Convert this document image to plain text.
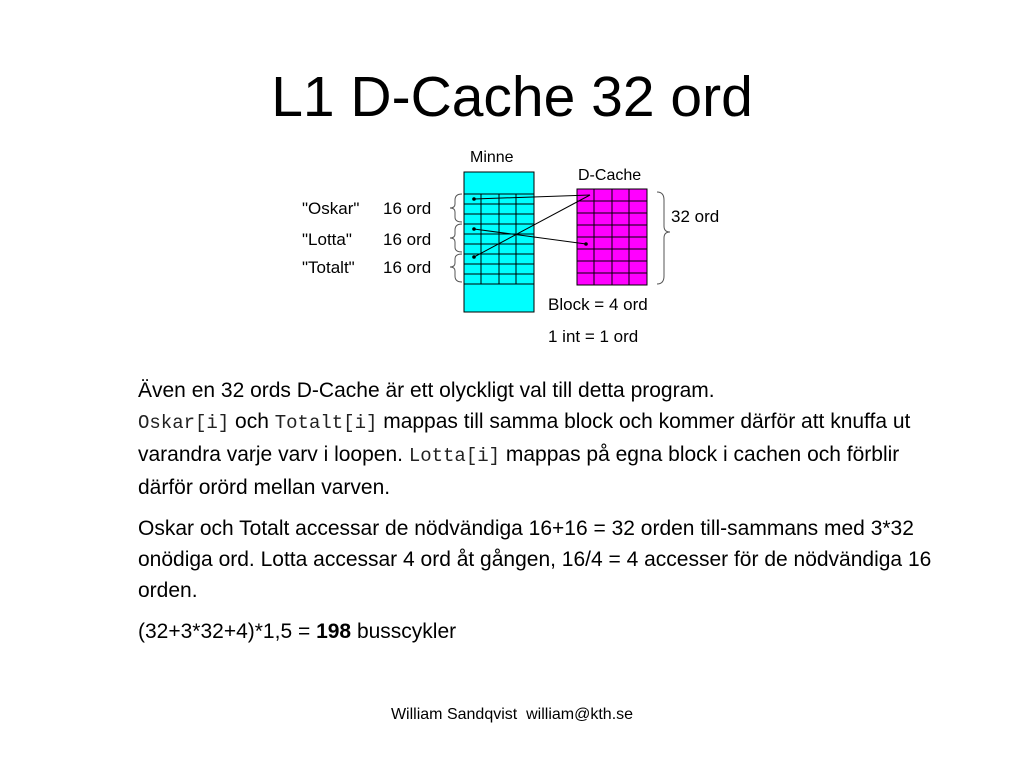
L1 D-Cache 32 ord
Minne
D-Cache
"Oskar" 16 ord
"Lotta" 16 ord
"Totalt" 16 ord
32 ord
Block = 4 ord
1 int = 1 ord

Även en 32 ords D-Cache är ett olyckligt val till detta program.
Oskar[i] och Totalt[i] mappas till samma block och kommer därför att knuffa ut varandra varje varv i loopen. Lotta[i] mappas på egna block i cachen och förblir därför orörd mellan varven.

Oskar och Totalt accessar de nödvändiga 16+16 = 32 orden till-sammans med 3*32 onödiga ord. Lotta accessar 4 ord åt gången, 16/4 = 4 accesser för de nödvändiga 16 orden.

(32+3*32+4)*1,5 = 198 busscykler

William Sandqvist  william@kth.se
